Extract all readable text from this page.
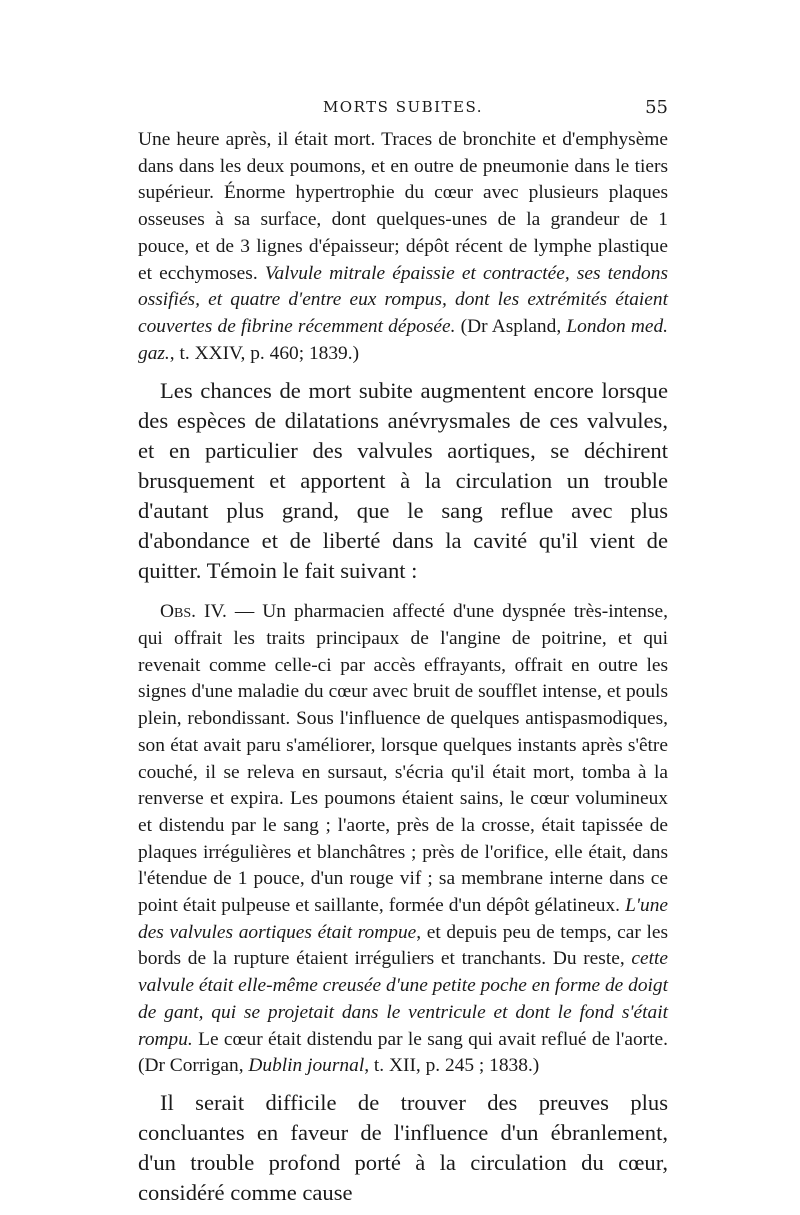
MORTS SUBITES.	55

Une heure après, il était mort. Traces de bronchite et d'emphysème dans dans les deux poumons, et en outre de pneumonie dans le tiers supérieur. Énorme hypertrophie du cœur avec plusieurs plaques osseuses à sa surface, dont quelques-unes de la grandeur de 1 pouce, et de 3 lignes d'épaisseur; dépôt récent de lymphe plastique et ecchymoses. Valvule mitrale épaissie et contractée, ses tendons ossifiés, et quatre d'entre eux rompus, dont les extrémités étaient couvertes de fibrine récemment déposée. (Dr Aspland, London med. gaz., t. XXIV, p. 460; 1839.)

Les chances de mort subite augmentent encore lorsque des espèces de dilatations anévrysmales de ces valvules, et en particulier des valvules aortiques, se déchirent brusquement et apportent à la circulation un trouble d'autant plus grand, que le sang reflue avec plus d'abondance et de liberté dans la cavité qu'il vient de quitter. Témoin le fait suivant :

Obs. IV. — Un pharmacien affecté d'une dyspnée très-intense, qui offrait les traits principaux de l'angine de poitrine, et qui revenait comme celle-ci par accès effrayants, offrait en outre les signes d'une maladie du cœur avec bruit de soufflet intense, et pouls plein, rebondissant. Sous l'influence de quelques antispasmodiques, son état avait paru s'améliorer, lorsque quelques instants après s'être couché, il se releva en sursaut, s'écria qu'il était mort, tomba à la renverse et expira. Les poumons étaient sains, le cœur volumineux et distendu par le sang ; l'aorte, près de la crosse, était tapissée de plaques irrégulières et blanchâtres ; près de l'orifice, elle était, dans l'étendue de 1 pouce, d'un rouge vif ; sa membrane interne dans ce point était pulpeuse et saillante, formée d'un dépôt gélatineux. L'une des valvules aortiques était rompue, et depuis peu de temps, car les bords de la rupture étaient irréguliers et tranchants. Du reste, cette valvule était elle-même creusée d'une petite poche en forme de doigt de gant, qui se projetait dans le ventricule et dont le fond s'était rompu. Le cœur était distendu par le sang qui avait reflué de l'aorte. (Dr Corrigan, Dublin journal, t. XII, p. 245 ; 1838.)

Il serait difficile de trouver des preuves plus concluantes en faveur de l'influence d'un ébranlement, d'un trouble profond porté à la circulation du cœur, considéré comme cause
